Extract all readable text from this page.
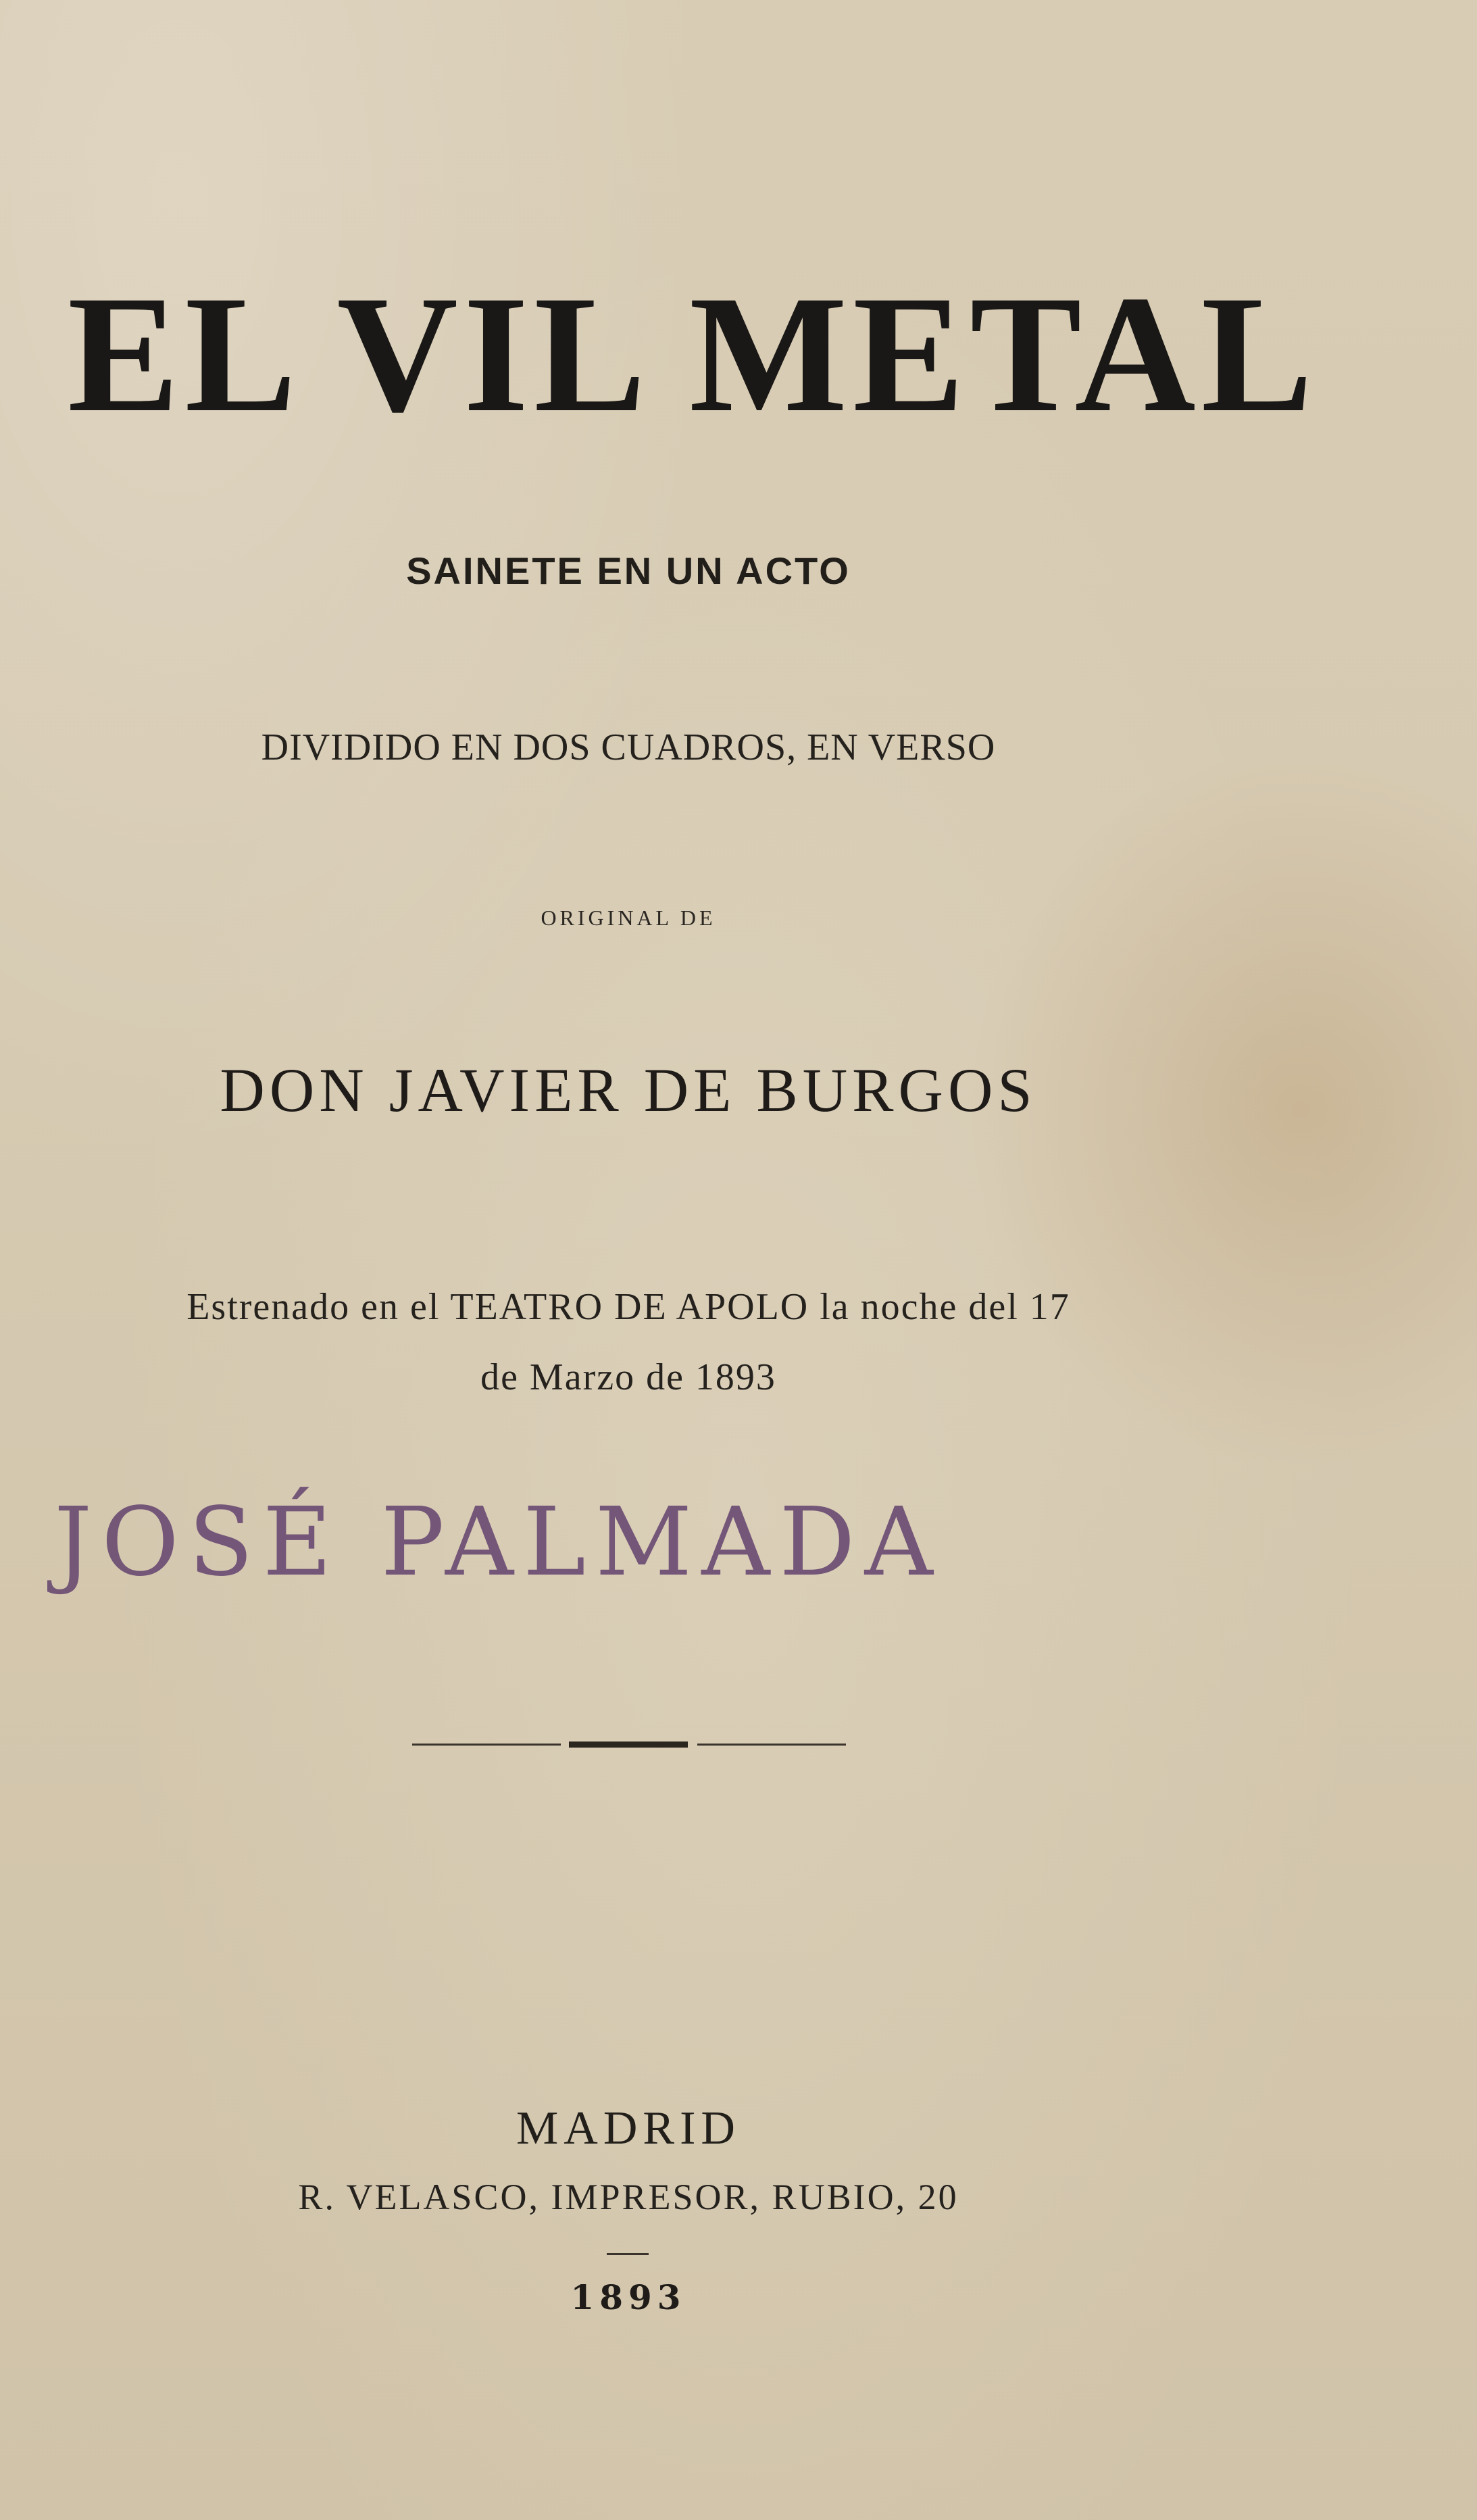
EL VIL METAL

SAINETE EN UN ACTO

DIVIDIDO EN DOS CUADROS, EN VERSO

ORIGINAL DE

DON JAVIER DE BURGOS

Estrenado en el TEATRO DE APOLO la noche del 17

de Marzo de 1893

JOSÉ PALMADA

MADRID

R. VELASCO, IMPRESOR, RUBIO, 20

1893
